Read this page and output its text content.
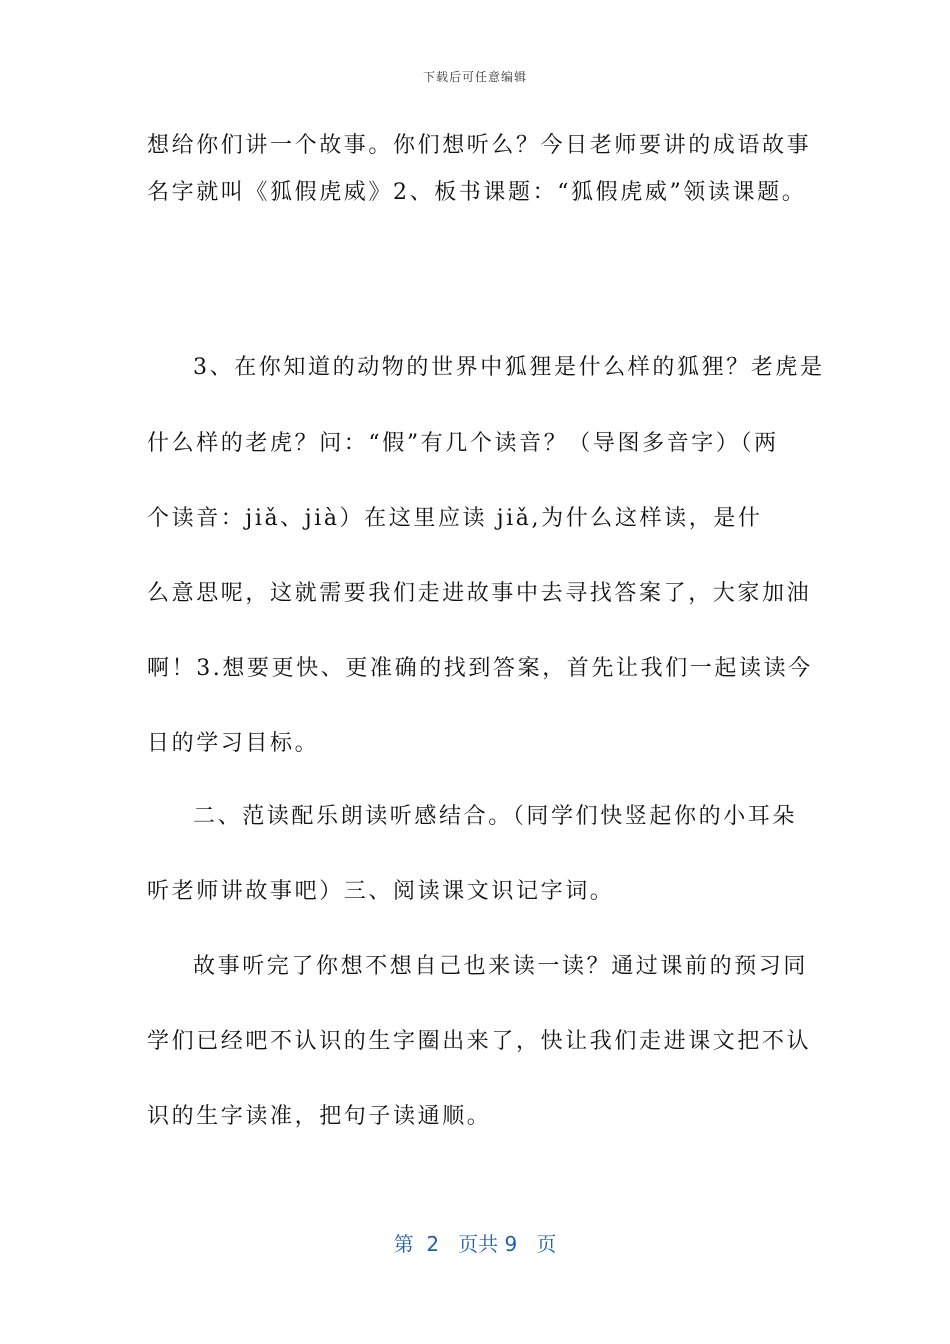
下载后可任意编辑
想给你们讲一个故事。你们想听么？今日老师要讲的成语故事
名字就叫《狐假虎威》2、板书课题：“狐假虎威”领读课题。
3、在你知道的动物的世界中狐狸是什么样的狐狸？老虎是
什么样的老虎？问：“假”有几个读音？（导图多音字）（两
个读音：jiǎ、jià）在这里应读 jiǎ,为什么这样读，是什
么意思呢，这就需要我们走进故事中去寻找答案了，大家加油
啊！3.想要更快、更准确的找到答案，首先让我们一起读读今
日的学习目标。
二、范读配乐朗读听感结合。（同学们快竖起你的小耳朵
听老师讲故事吧）三、阅读课文识记字词。
故事听完了你想不想自己也来读一读？通过课前的预习同
学们已经吧不认识的生字圈出来了，快让我们走进课文把不认
识的生字读准，把句子读通顺。
第  2   页共 9   页
